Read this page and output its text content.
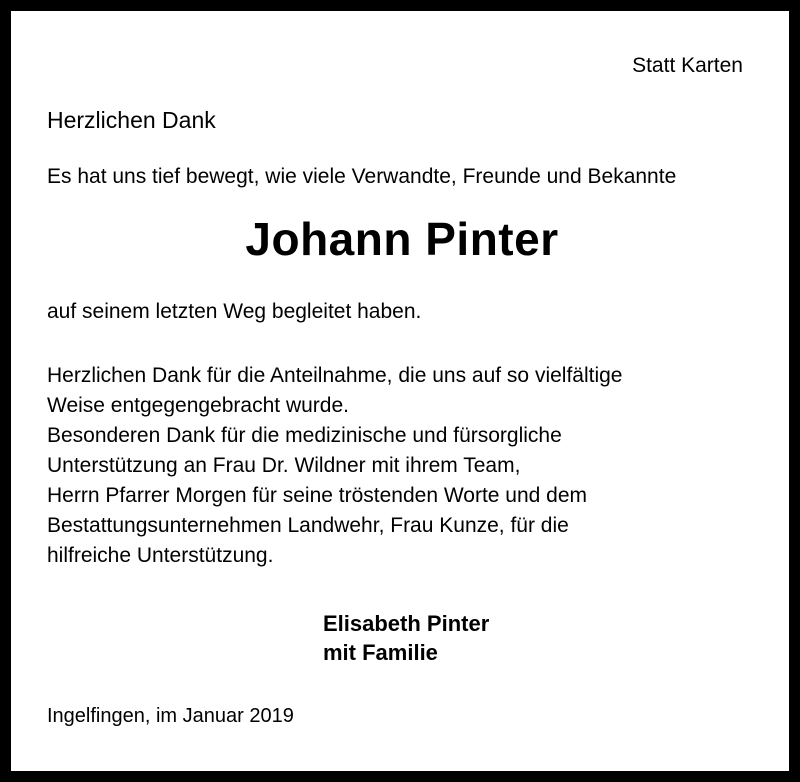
Statt Karten
Herzlichen Dank
Es hat uns tief bewegt, wie viele Verwandte, Freunde und Bekannte
Johann Pinter
auf seinem letzten Weg begleitet haben.
Herzlichen Dank für die Anteilnahme, die uns auf so vielfältige
Weise entgegengebracht wurde.
Besonderen Dank für die medizinische und fürsorgliche
Unterstützung an Frau Dr. Wildner mit ihrem Team,
Herrn Pfarrer Morgen für seine tröstenden Worte und dem
Bestattungsunternehmen Landwehr, Frau Kunze, für die
hilfreiche Unterstützung.
Elisabeth Pinter
mit Familie
Ingelfingen, im Januar 2019
